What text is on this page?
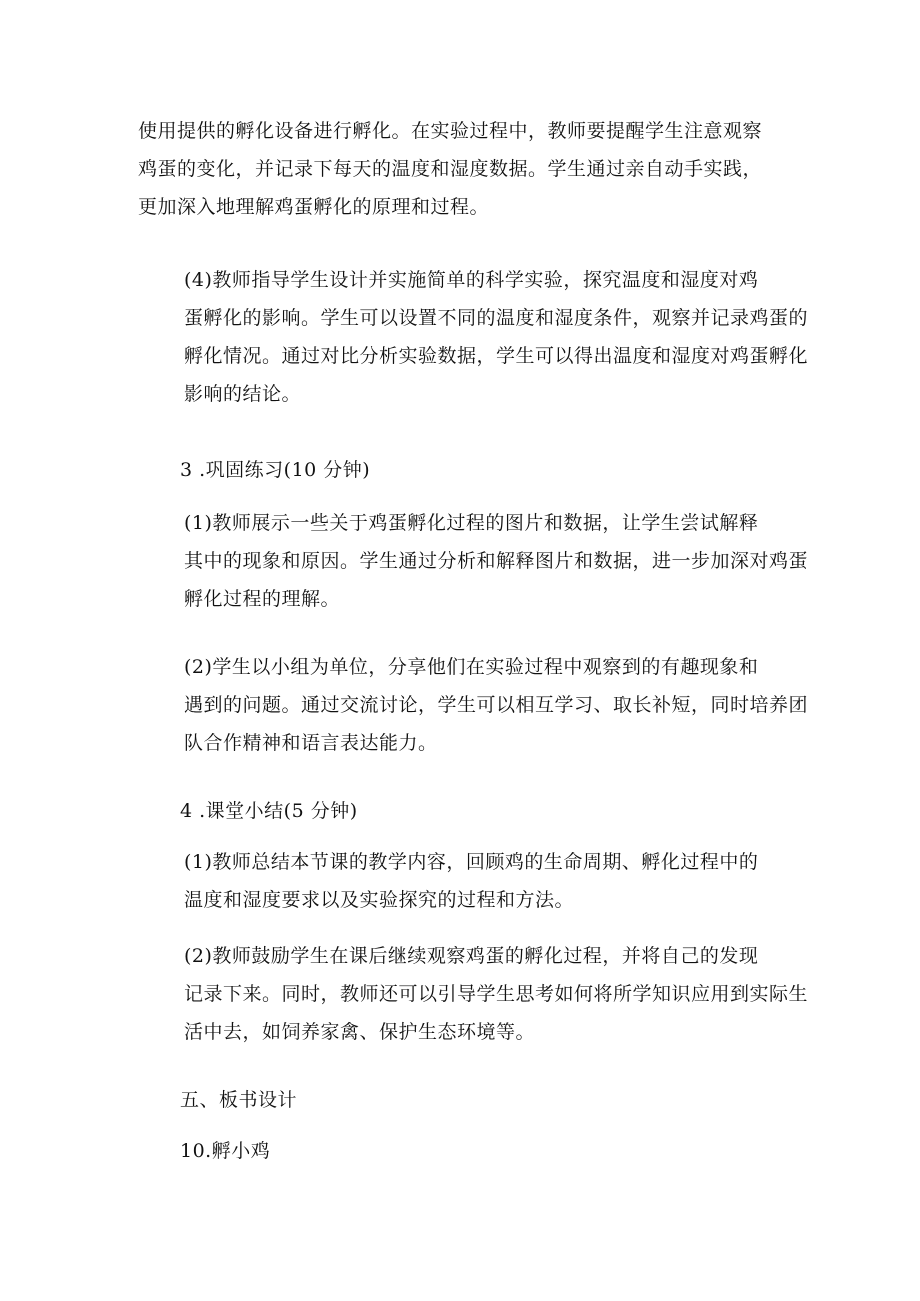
使用提供的孵化设备进行孵化。在实验过程中，教师要提醒学生注意观察
鸡蛋的变化，并记录下每天的温度和湿度数据。学生通过亲自动手实践，
更加深入地理解鸡蛋孵化的原理和过程。
(4)教师指导学生设计并实施简单的科学实验，探究温度和湿度对鸡
蛋孵化的影响。学生可以设置不同的温度和湿度条件，观察并记录鸡蛋的
孵化情况。通过对比分析实验数据，学生可以得出温度和湿度对鸡蛋孵化
影响的结论。
3 .巩固练习(10 分钟)
(1)教师展示一些关于鸡蛋孵化过程的图片和数据，让学生尝试解释
其中的现象和原因。学生通过分析和解释图片和数据，进一步加深对鸡蛋
孵化过程的理解。
(2)学生以小组为单位，分享他们在实验过程中观察到的有趣现象和
遇到的问题。通过交流讨论，学生可以相互学习、取长补短，同时培养团
队合作精神和语言表达能力。
4 .课堂小结(5 分钟)
(1)教师总结本节课的教学内容，回顾鸡的生命周期、孵化过程中的
温度和湿度要求以及实验探究的过程和方法。
(2)教师鼓励学生在课后继续观察鸡蛋的孵化过程，并将自己的发现
记录下来。同时，教师还可以引导学生思考如何将所学知识应用到实际生
活中去，如饲养家禽、保护生态环境等。
五、板书设计
10.孵小鸡
